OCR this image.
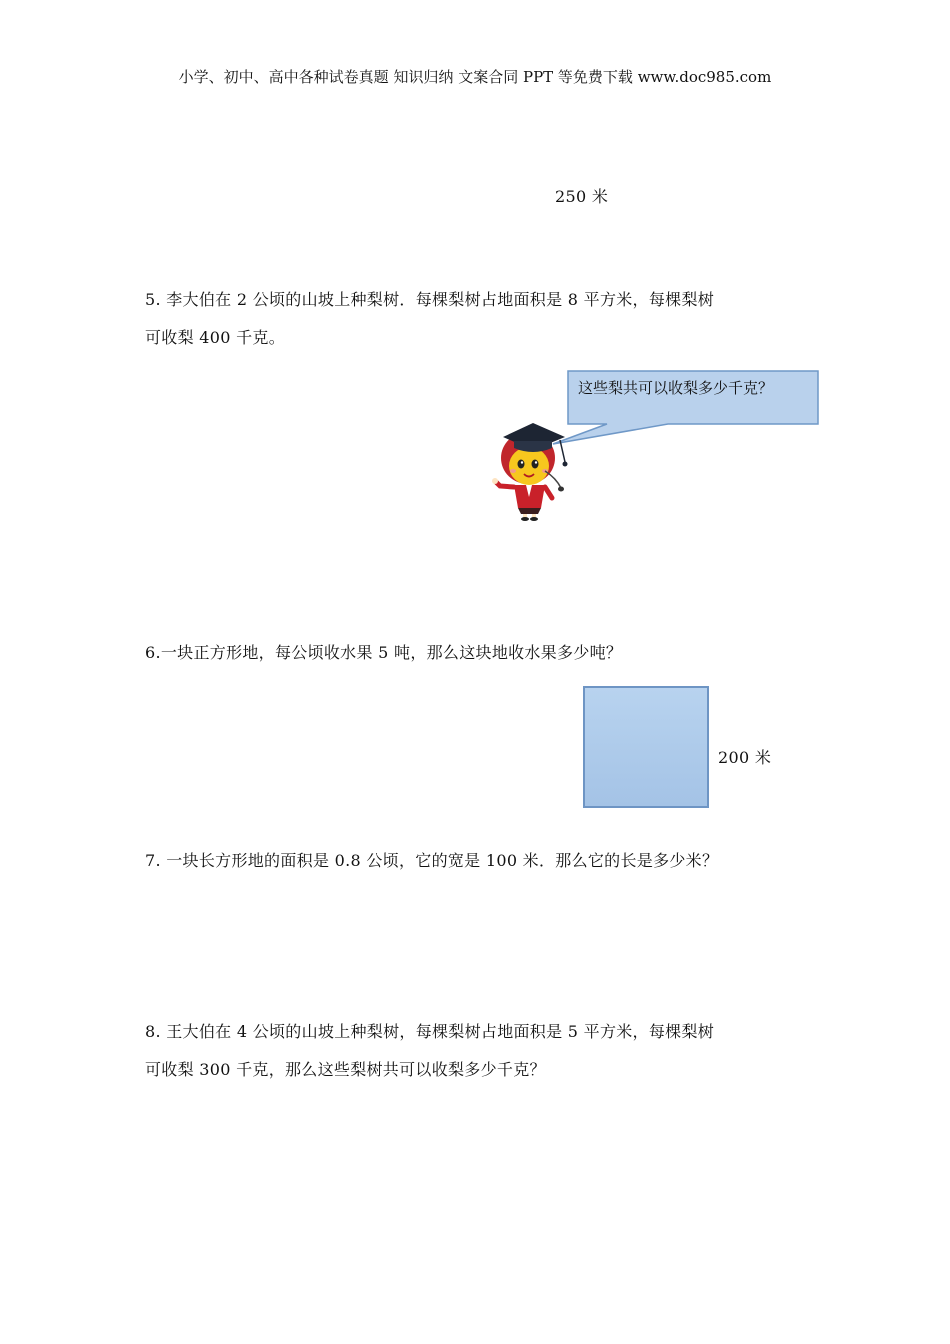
小学、初中、高中各种试卷真题 知识归纳 文案合同 PPT 等免费下载 www.doc985.com
250 米
5. 李大伯在 2 公顷的山坡上种梨树．每棵梨树占地面积是 8 平方米，每棵梨树
可收梨 400 千克。
这些梨共可以收梨多少千克？
6.一块正方形地，每公顷收水果 5 吨，那么这块地收水果多少吨？
200 米
7. 一块长方形地的面积是 0.8 公顷，它的宽是 100 米．那么它的长是多少米？
8. 王大伯在 4 公顷的山坡上种梨树，每棵梨树占地面积是 5 平方米，每棵梨树
可收梨 300 千克，那么这些梨树共可以收梨多少千克？
